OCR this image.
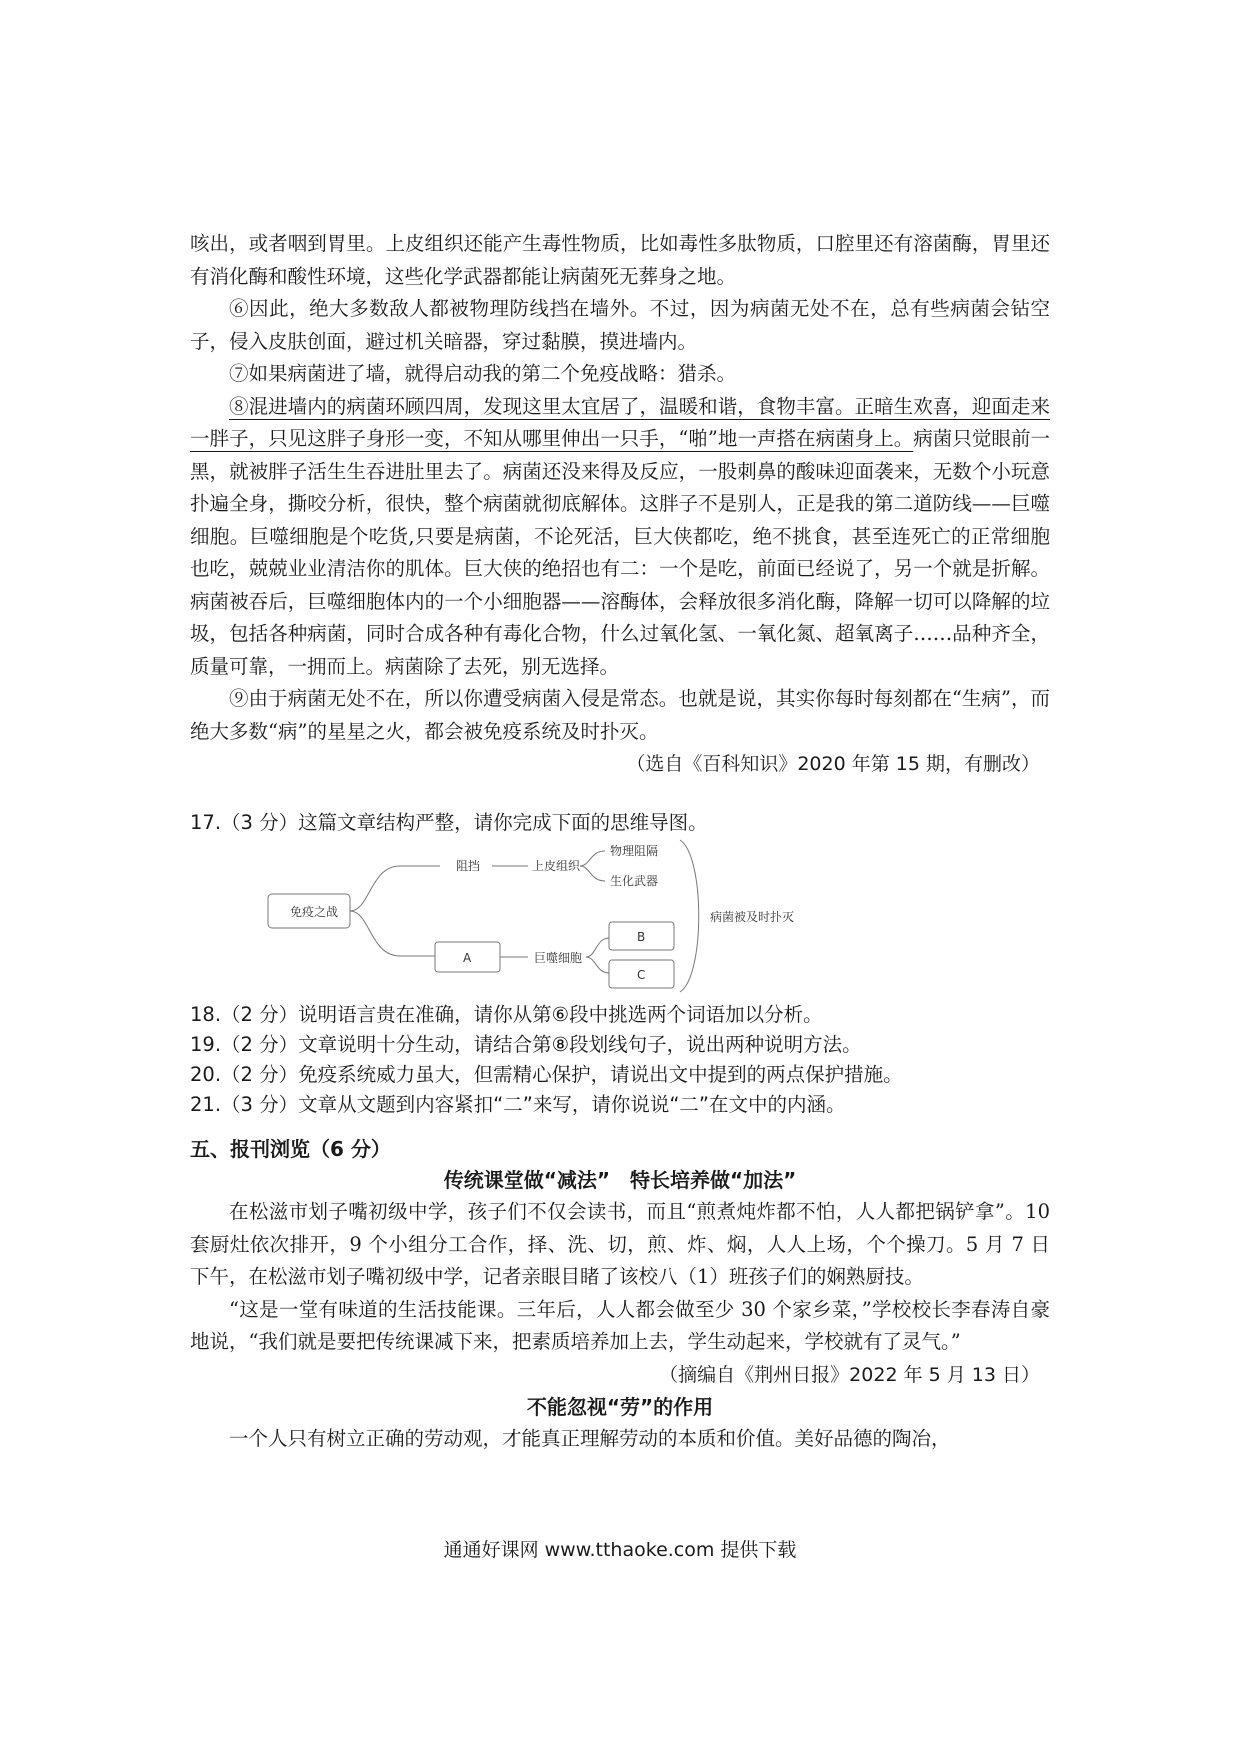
咳出，或者咽到胃里。上皮组织还能产生毒性物质，比如毒性多肽物质，口腔里还有溶菌酶，胃里还有消化酶和酸性环境，这些化学武器都能让病菌死无葬身之地。

⑥因此，绝大多数敌人都被物理防线挡在墙外。不过，因为病菌无处不在，总有些病菌会钻空子，侵入皮肤创面，避过机关暗器，穿过黏膜，摸进墙内。

⑦如果病菌进了墙，就得启动我的第二个免疫战略：猎杀。

⑧混进墙内的病菌环顾四周，发现这里太宜居了，温暖和谐，食物丰富。正暗生欢喜，迎面走来一胖子，只见这胖子身形一变，不知从哪里伸出一只手，“啪”地一声搭在病菌身上。病菌只觉眼前一黑，就被胖子活生生吞进肚里去了。病菌还没来得及反应，一股刺鼻的酸味迎面袭来，无数个小玩意扑遍全身，撕咬分析，很快，整个病菌就彻底解体。这胖子不是别人，正是我的第二道防线——巨噬细胞。巨噬细胞是个吃货,只要是病菌，不论死活，巨大侠都吃，绝不挑食，甚至连死亡的正常细胞也吃，兢兢业业清洁你的肌体。巨大侠的绝招也有二：一个是吃，前面已经说了，另一个就是折解。病菌被吞后，巨噬细胞体内的一个小细胞器——溶酶体，会释放很多消化酶，降解一切可以降解的垃圾，包括各种病菌，同时合成各种有毒化合物，什么过氧化氢、一氧化氮、超氧离子……品种齐全，质量可靠，一拥而上。病菌除了去死，别无选择。

⑨由于病菌无处不在，所以你遭受病菌入侵是常态。也就是说，其实你每时每刻都在“生病”，而绝大多数“病”的星星之火，都会被免疫系统及时扑灭。

（选自《百科知识》2020 年第 15 期，有删改）

17.（3 分）这篇文章结构严整，请你完成下面的思维导图。

免疫之战
阻挡	上皮组织
物理阻隔
生化武器
A	巨噬细胞
B
C
病菌被及时扑灭

18.（2 分）说明语言贵在准确，请你从第⑥段中挑选两个词语加以分析。

19.（2 分）文章说明十分生动，请结合第⑧段划线句子，说出两种说明方法。

20.（2 分）免疫系统威力虽大，但需精心保护，请说出文中提到的两点保护措施。

21.（3 分）文章从文题到内容紧扣“二”来写，请你说说“二”在文中的内涵。

五、报刊浏览（6 分）
传统课堂做“减法”　特长培养做“加法”

在松滋市划子嘴初级中学，孩子们不仅会读书，而且“煎煮炖炸都不怕，人人都把锅铲拿”。10 套厨灶依次排开，9 个小组分工合作，择、洗、切，煎、炸、焖，人人上场，个个操刀。5 月 7 日下午，在松滋市划子嘴初级中学，记者亲眼目睹了该校八（1）班孩子们的娴熟厨技。

“这是一堂有味道的生活技能课。三年后，人人都会做至少 30 个家乡菜，”学校校长李春涛自豪地说，“我们就是要把传统课减下来，把素质培养加上去，学生动起来，学校就有了灵气。”

（摘编自《荆州日报》2022 年 5 月 13 日）
不能忽视“劳”的作用

一个人只有树立正确的劳动观，才能真正理解劳动的本质和价值。美好品德的陶冶，

通通好课网 www.tthaoke.com 提供下载
